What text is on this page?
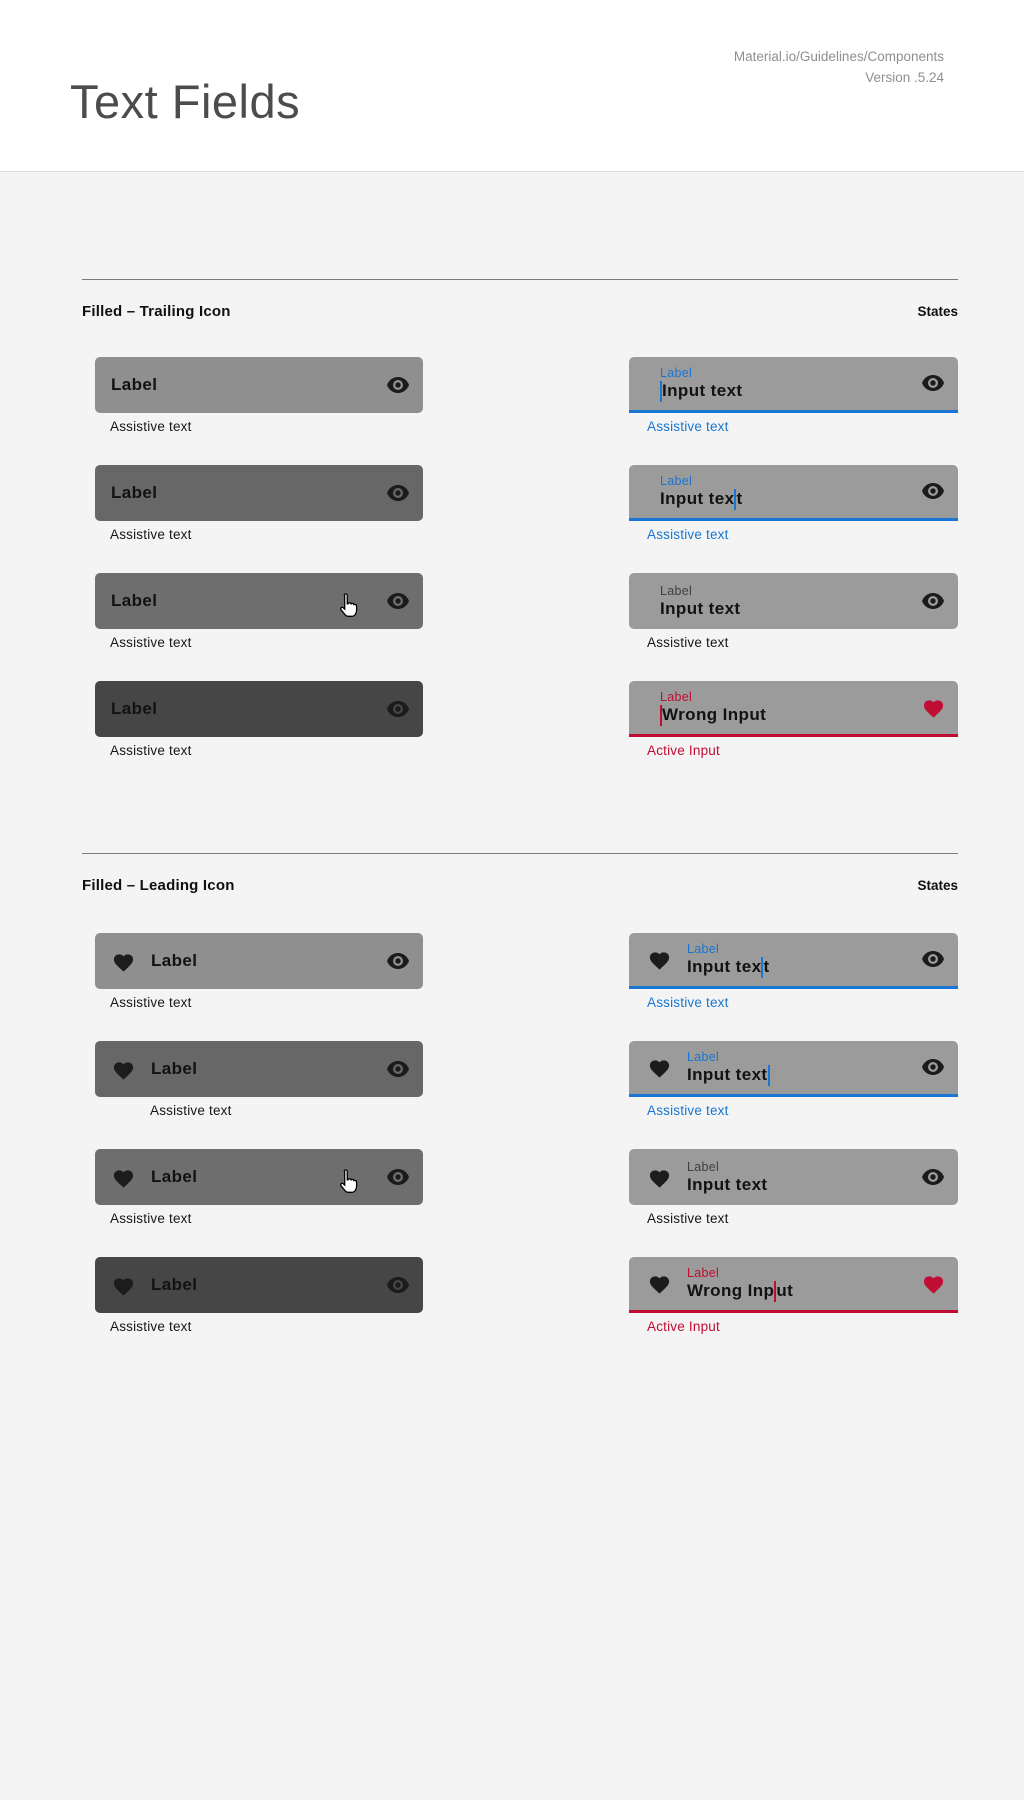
Material.io/Guidelines/Components
Version .5.24
Text Fields
Filled – Trailing Icon	States
Label
Assistive text
Label
Assistive text
Label
Assistive text
Label
Assistive text
Label
Input text
Assistive text
Label
Input tex t
Assistive text
Label
Input text
Assistive text
Label
Wrong Input
Active Input
Filled – Leading Icon	States
Label
Assistive text
Label
Assistive text
Label
Assistive text
Label
Assistive text
Label
Input tex t
Assistive text
Label
Input text
Assistive text
Label
Input text
Assistive text
Label
Wrong Inp ut
Active Input
